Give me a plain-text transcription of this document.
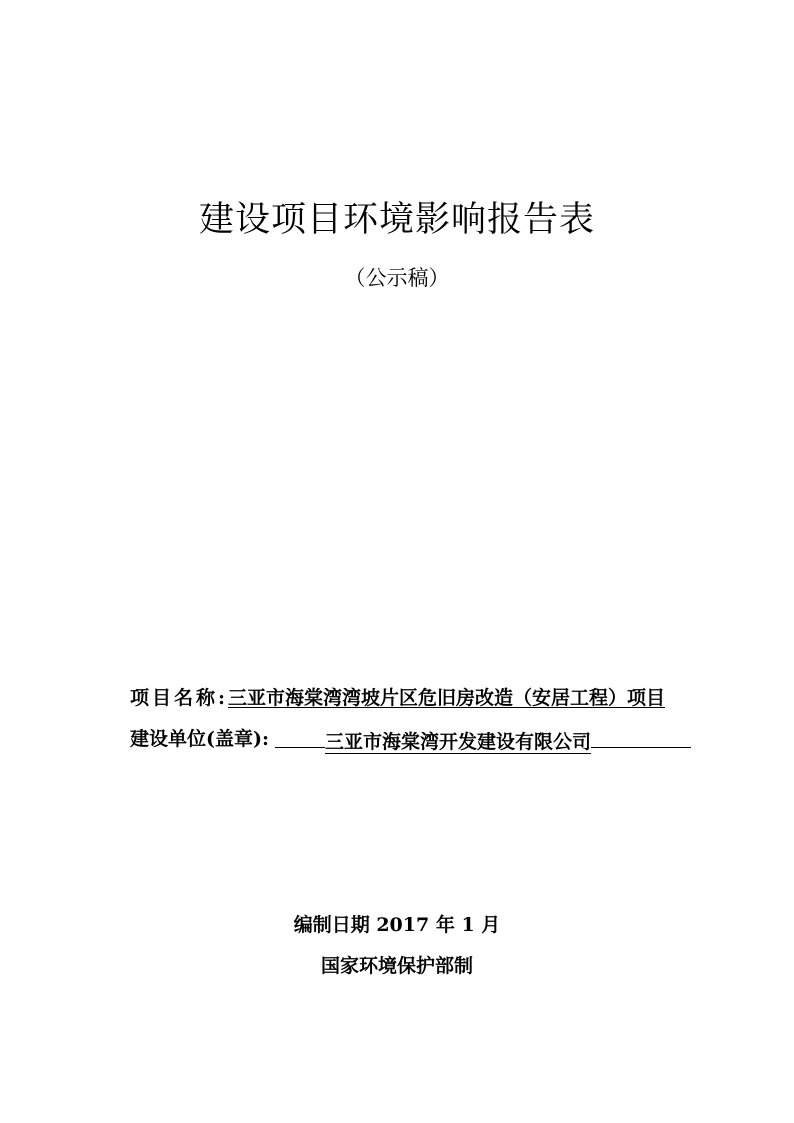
建设项目环境影响报告表
（公示稿）
项目名称:三亚市海棠湾湾坡片区危旧房改造（安居工程）项目
建设单位(盖章):	三亚市海棠湾开发建设有限公司
编制日期 2017 年 1 月
国家环境保护部制
